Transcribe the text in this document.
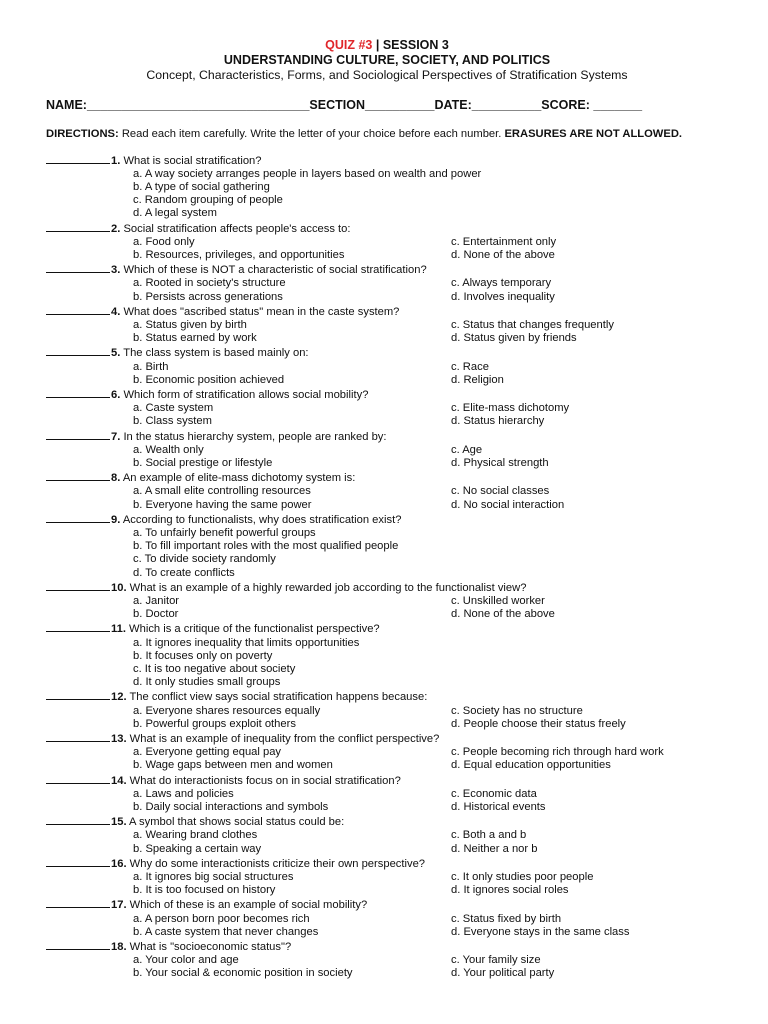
QUIZ #3 | SESSION 3
UNDERSTANDING CULTURE, SOCIETY, AND POLITICS
Concept, Characteristics, Forms, and Sociological Perspectives of Stratification Systems
NAME:________________________________SECTION__________DATE:__________SCORE: _______
DIRECTIONS: Read each item carefully. Write the letter of your choice before each number. ERASURES ARE NOT ALLOWED.
1. What is social stratification?
a. A way society arranges people in layers based on wealth and power
b. A type of social gathering
c. Random grouping of people
d. A legal system
2. Social stratification affects people's access to:
a. Food only	c. Entertainment only
b. Resources, privileges, and opportunities	d. None of the above
3. Which of these is NOT a characteristic of social stratification?
a. Rooted in society's structure	c. Always temporary
b. Persists across generations	d. Involves inequality
4. What does "ascribed status" mean in the caste system?
a. Status given by birth	c. Status that changes frequently
b. Status earned by work	d. Status given by friends
5. The class system is based mainly on:
a. Birth	c. Race
b. Economic position achieved	d. Religion
6. Which form of stratification allows social mobility?
a. Caste system	c. Elite-mass dichotomy
b. Class system	d. Status hierarchy
7. In the status hierarchy system, people are ranked by:
a. Wealth only	c. Age
b. Social prestige or lifestyle	d. Physical strength
8. An example of elite-mass dichotomy system is:
a. A small elite controlling resources	c. No social classes
b. Everyone having the same power	d. No social interaction
9. According to functionalists, why does stratification exist?
a. To unfairly benefit powerful groups
b. To fill important roles with the most qualified people
c. To divide society randomly
d. To create conflicts
10. What is an example of a highly rewarded job according to the functionalist view?
a. Janitor	c. Unskilled worker
b. Doctor	d. None of the above
11. Which is a critique of the functionalist perspective?
a. It ignores inequality that limits opportunities
b. It focuses only on poverty
c. It is too negative about society
d. It only studies small groups
12. The conflict view says social stratification happens because:
a. Everyone shares resources equally	c. Society has no structure
b. Powerful groups exploit others	d. People choose their status freely
13. What is an example of inequality from the conflict perspective?
a. Everyone getting equal pay	c. People becoming rich through hard work
b. Wage gaps between men and women	d. Equal education opportunities
14. What do interactionists focus on in social stratification?
a. Laws and policies	c. Economic data
b. Daily social interactions and symbols	d. Historical events
15. A symbol that shows social status could be:
a. Wearing brand clothes	c. Both a and b
b. Speaking a certain way	d. Neither a nor b
16. Why do some interactionists criticize their own perspective?
a. It ignores big social structures	c. It only studies poor people
b. It is too focused on history	d. It ignores social roles
17. Which of these is an example of social mobility?
a. A person born poor becomes rich	c. Status fixed by birth
b. A caste system that never changes	d. Everyone stays in the same class
18. What is "socioeconomic status"?
a. Your color and age	c. Your family size
b. Your social & economic position in society	d. Your political party
